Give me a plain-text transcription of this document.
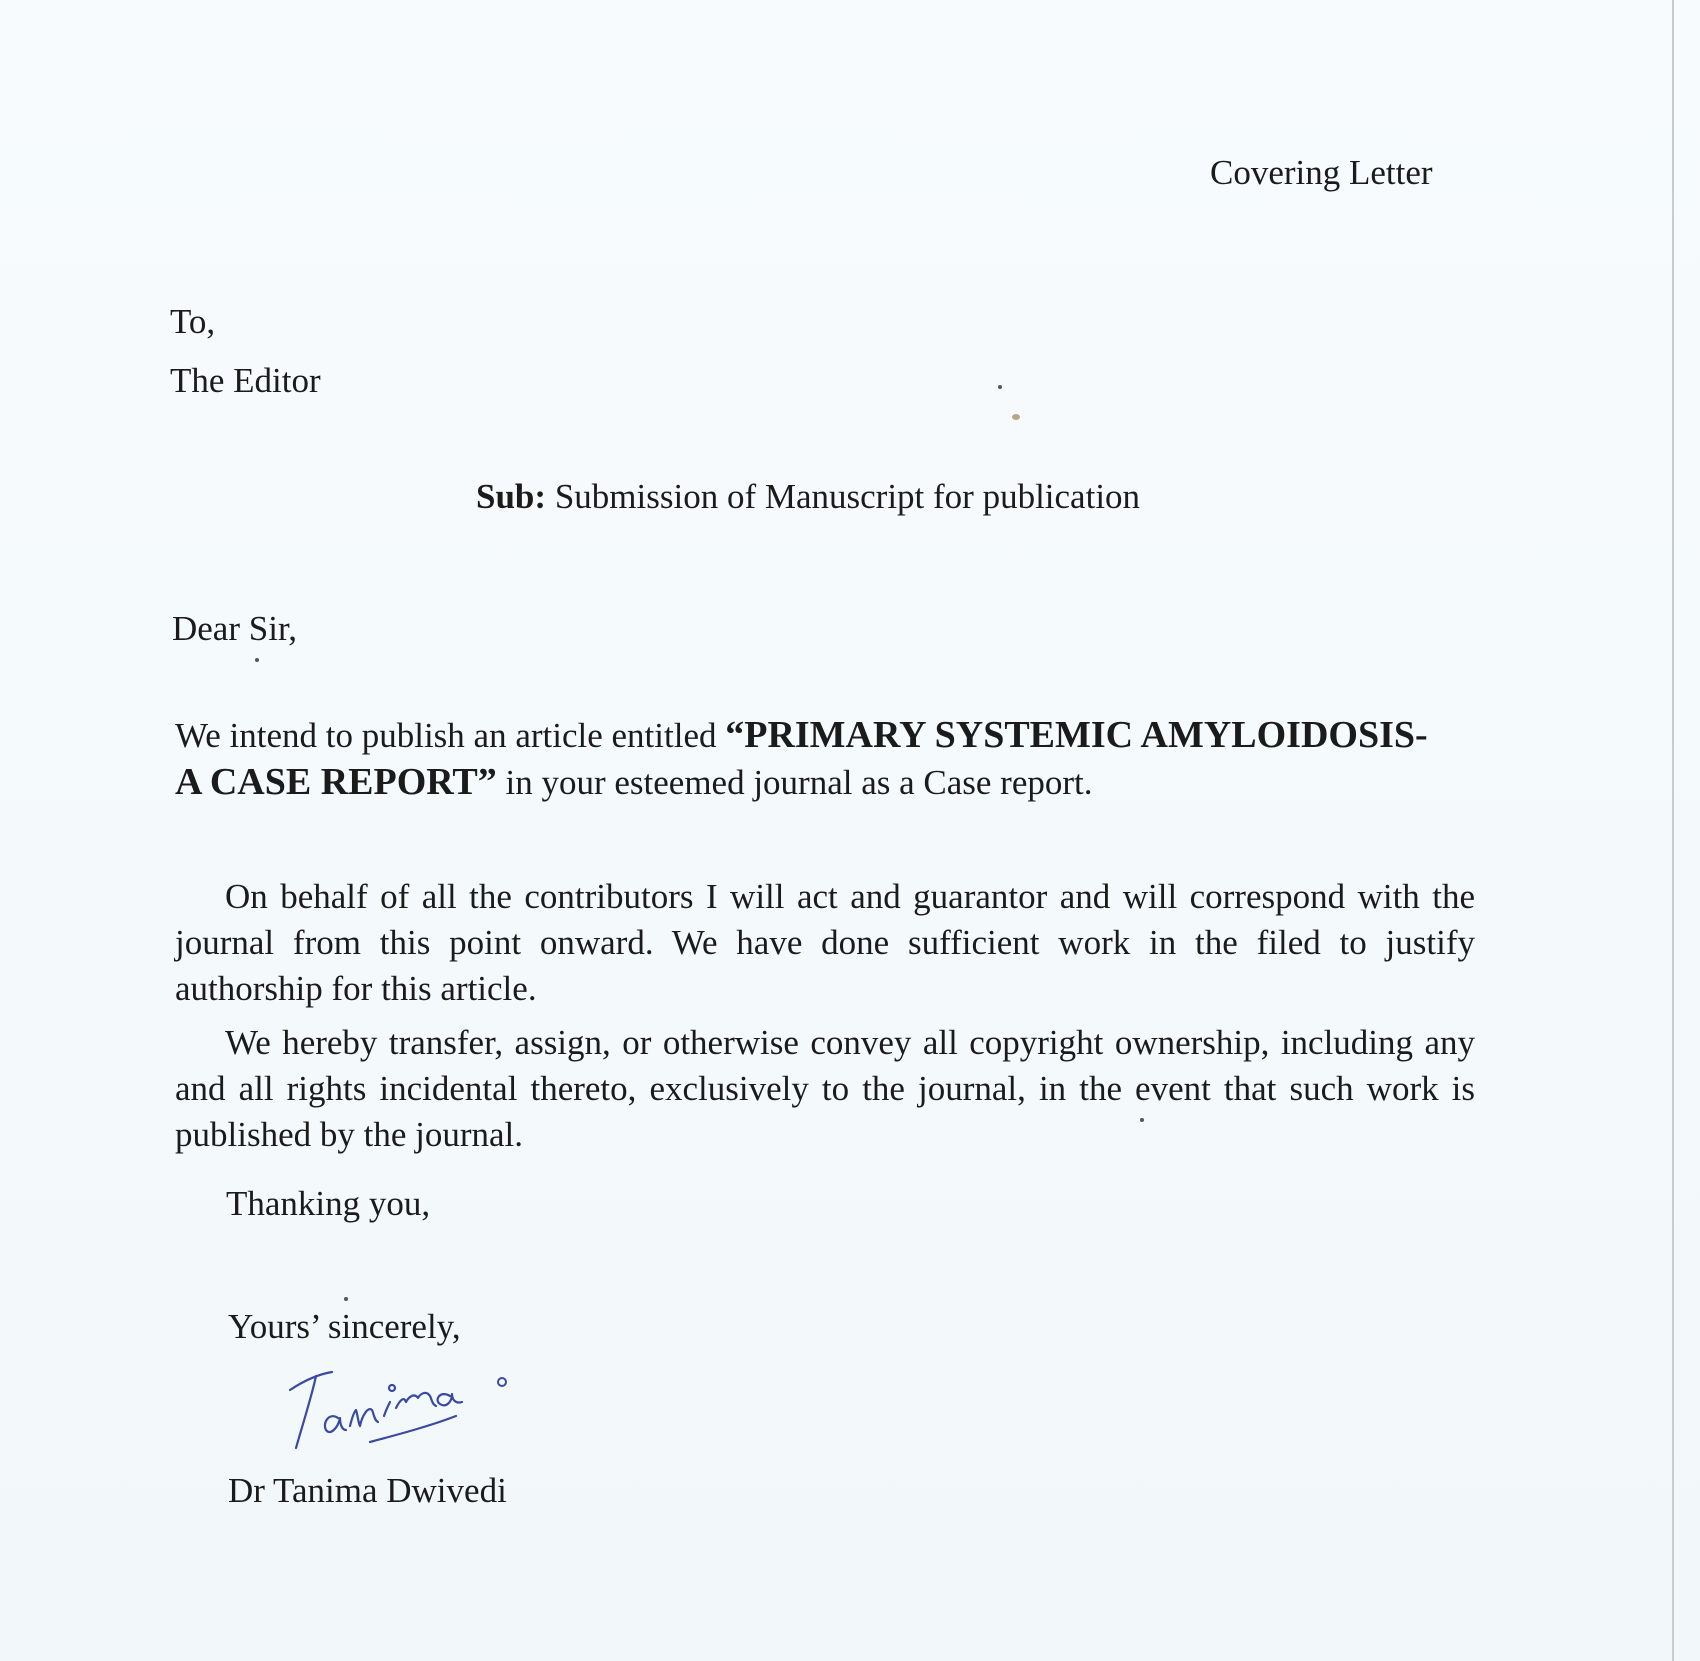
Covering Letter
To,
The Editor
Sub: Submission of Manuscript for publication
Dear Sir,
We intend to publish an article entitled “PRIMARY SYSTEMIC AMYLOIDOSIS- A CASE REPORT” in your esteemed journal as a Case report.
On behalf of all the contributors I will act and guarantor and will correspond with the journal from this point onward. We have done sufficient work in the filed to justify authorship for this article.
We hereby transfer, assign, or otherwise convey all copyright ownership, including any and all rights incidental thereto, exclusively to the journal, in the event that such work is published by the journal.
Thanking you,
Yours’ sincerely,
Dr Tanima Dwivedi
